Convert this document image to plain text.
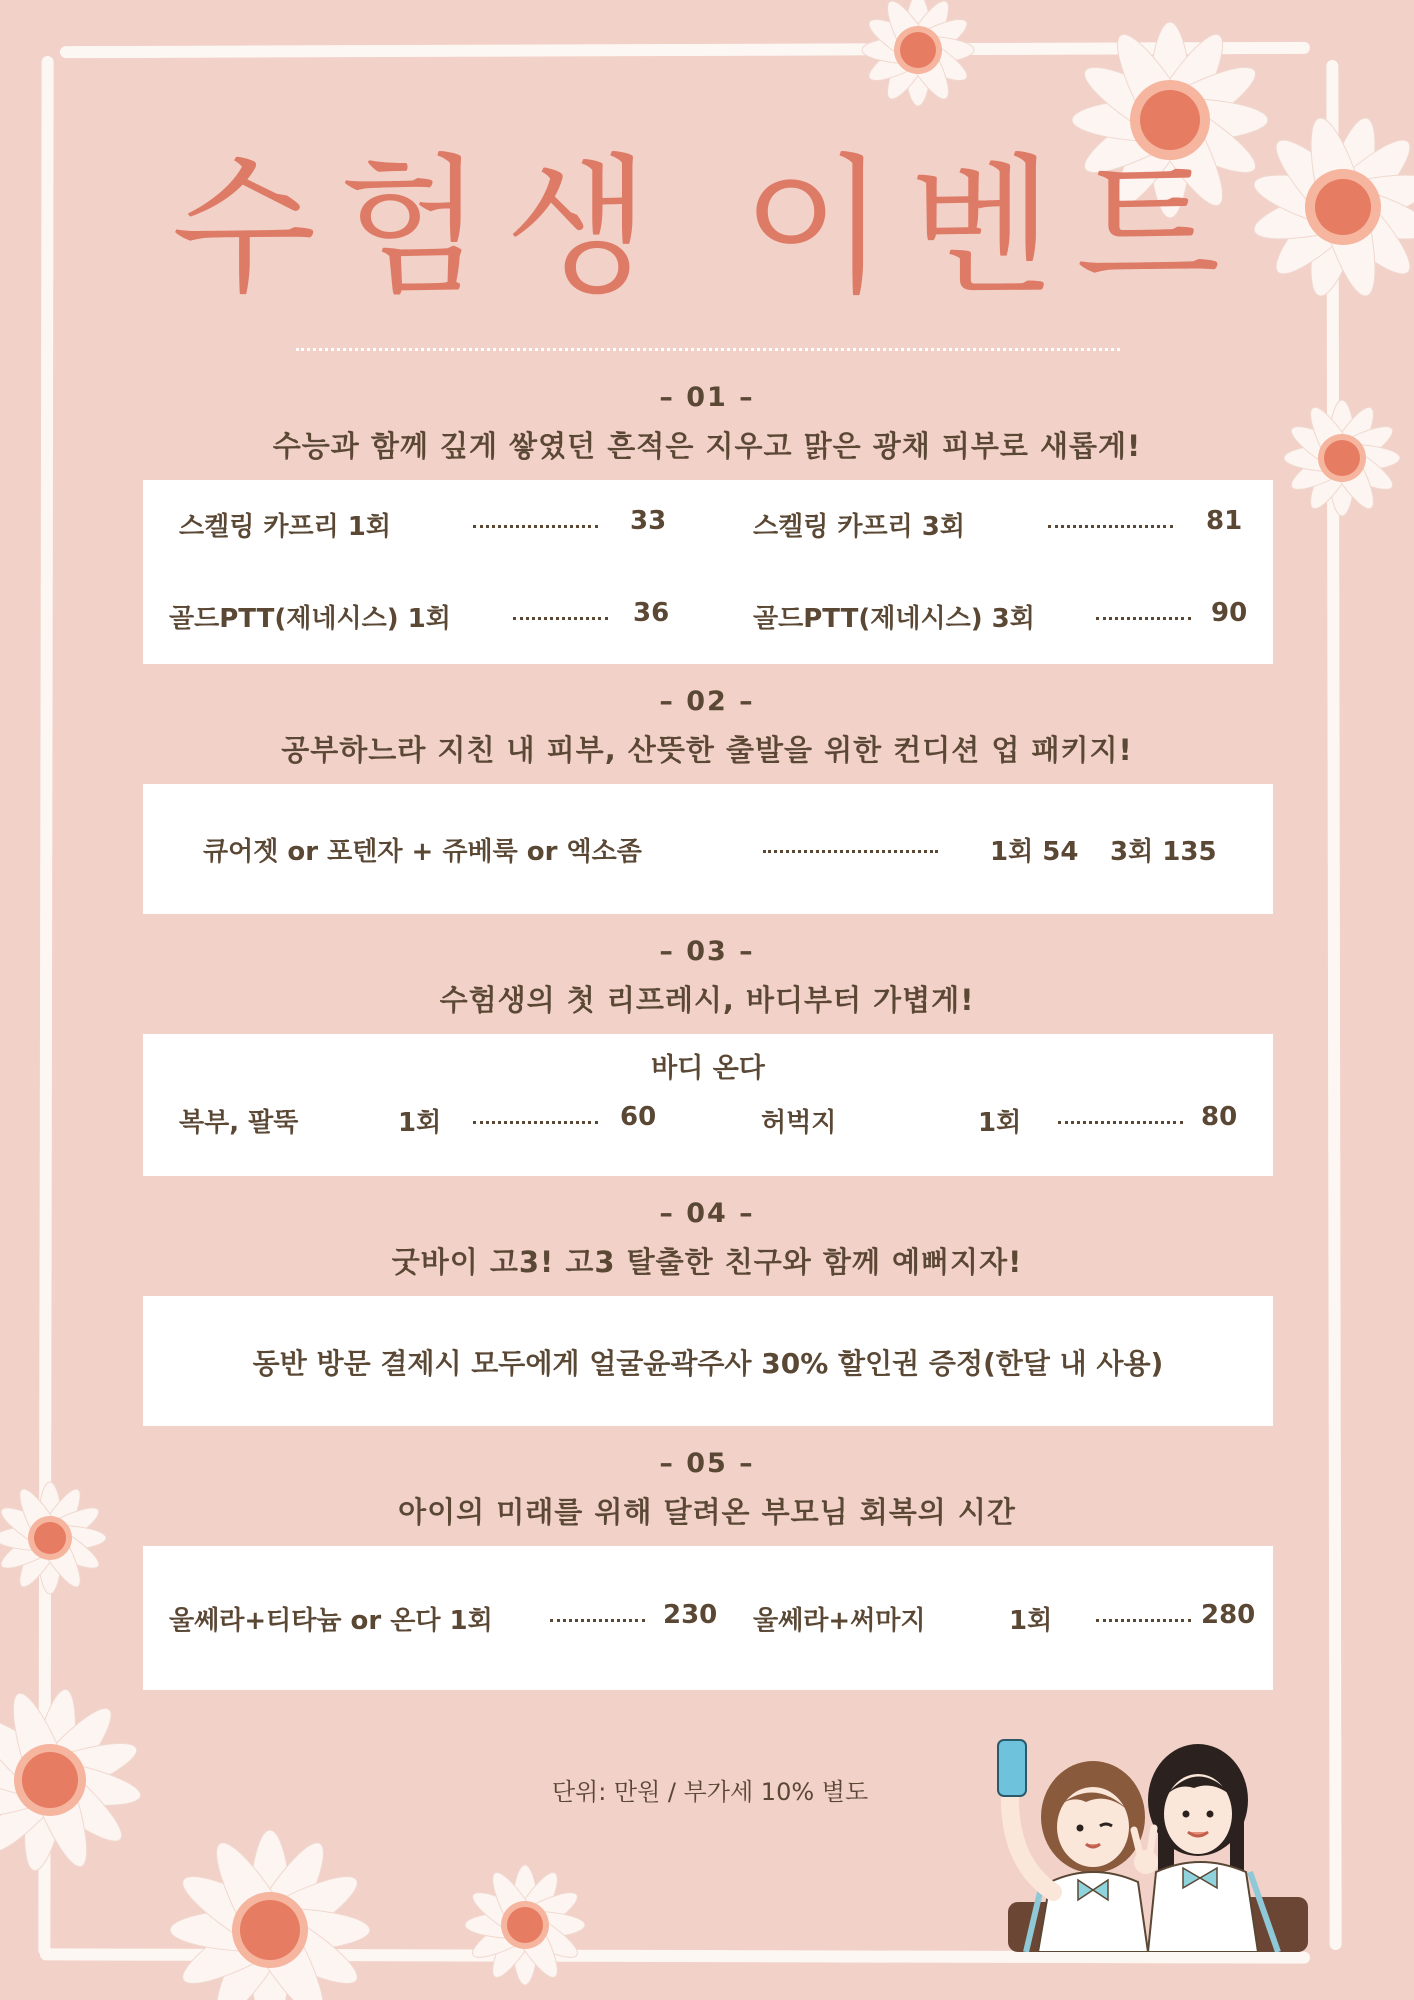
수험생 이벤트
– 01 –
수능과 함께 깊게 쌓였던 흔적은 지우고 맑은 광채 피부로 새롭게!
스켈링 카프리 1회	33	스켈링 카프리 3회	81
골드PTT(제네시스) 1회	36	골드PTT(제네시스) 3회	90
– 02 –
공부하느라 지친 내 피부, 산뜻한 출발을 위한 컨디션 업 패키지!
큐어젯 or 포텐자 + 쥬베룩 or 엑소좀	1회 54 3회 135
– 03 –
수험생의 첫 리프레시, 바디부터 가볍게!
바디 온다
복부, 팔뚝	1회	60	허벅지	1회	80
– 04 –
굿바이 고3! 고3 탈출한 친구와 함께 예뻐지자!
동반 방문 결제시 모두에게 얼굴윤곽주사 30% 할인권 증정(한달 내 사용)
– 05 –
아이의 미래를 위해 달려온 부모님 회복의 시간
울쎄라+티타늄 or 온다 1회	230 울쎄라+써마지	1회	280
단위: 만원 / 부가세 10% 별도
